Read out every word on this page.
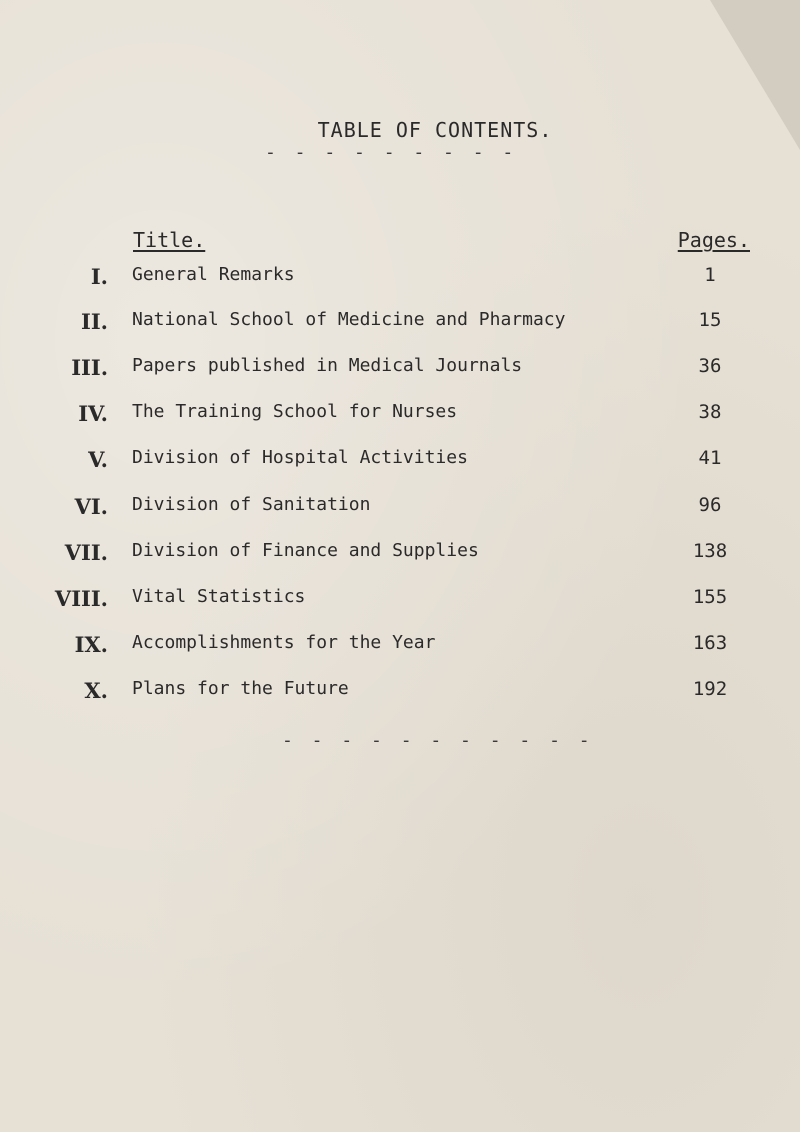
TABLE OF CONTENTS.
- - - - - - - - -
Title.	Pages.
I. General Remarks	1
II. National School of Medicine and Pharmacy	15
III. Papers published in Medical Journals	36
IV. The Training School for Nurses	38
V. Division of Hospital Activities	41
VI. Division of Sanitation	96
VII. Division of Finance and Supplies	138
VIII. Vital Statistics	155
IX. Accomplishments for the Year	163
X. Plans for the Future	192
- - - - - - - - - - -
